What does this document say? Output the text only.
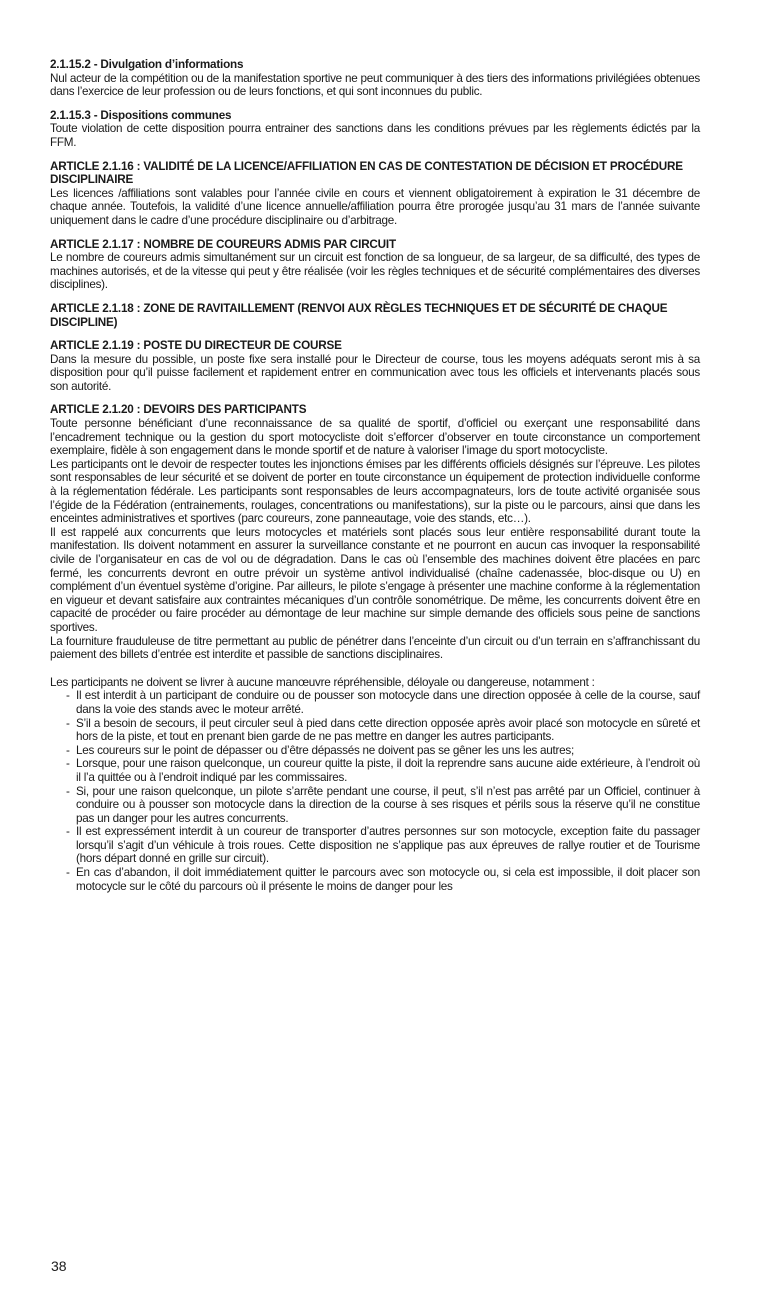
2.1.15.2 - Divulgation d’informations

Nul acteur de la compétition ou de la manifestation sportive ne peut communiquer à des tiers des informations privilégiées obtenues dans l’exercice de leur profession ou de leurs fonctions, et qui sont inconnues du public.

2.1.15.3 - Dispositions communes

Toute violation de cette disposition pourra entrainer des sanctions dans les conditions prévues par les règlements édictés par la FFM.

ARTICLE 2.1.16 : VALIDITÉ DE LA LICENCE/AFFILIATION EN CAS DE CONTESTATION DE DÉCISION ET PROCÉDURE DISCIPLINAIRE

Les licences /affiliations sont valables pour l’année civile en cours et viennent obligatoirement à expiration le 31 décembre de chaque année. Toutefois, la validité d’une licence annuelle/affiliation pourra être prorogée jusqu’au 31 mars de l’année suivante uniquement dans le cadre d’une procédure disciplinaire ou d’arbitrage.

ARTICLE 2.1.17 : NOMBRE DE COUREURS ADMIS PAR CIRCUIT

Le nombre de coureurs admis simultanément sur un circuit est fonction de sa longueur, de sa largeur, de sa difficulté, des types de machines autorisés, et de la vitesse qui peut y être réalisée (voir les règles techniques et de sécurité complémentaires des diverses disciplines).

ARTICLE 2.1.18 : ZONE DE RAVITAILLEMENT (RENVOI AUX RÈGLES TECHNIQUES ET DE SÉCURITÉ DE CHAQUE DISCIPLINE)

ARTICLE 2.1.19 : POSTE DU DIRECTEUR DE COURSE

Dans la mesure du possible, un poste fixe sera installé pour le Directeur de course, tous les moyens adéquats seront mis à sa disposition pour qu’il puisse facilement et rapidement entrer en communication avec tous les officiels et intervenants placés sous son autorité.

ARTICLE 2.1.20 : DEVOIRS DES PARTICIPANTS

Toute personne bénéficiant d’une reconnaissance de sa qualité de sportif, d’officiel ou exerçant une responsabilité dans l’encadrement technique ou la gestion du sport motocycliste doit s’efforcer d’observer en toute circonstance un comportement exemplaire, fidèle à son engagement dans le monde sportif et de nature à valoriser l’image du sport motocycliste.

Les participants ont le devoir de respecter toutes les injonctions émises par les différents officiels désignés sur l’épreuve. Les pilotes sont responsables de leur sécurité et se doivent de porter en toute circonstance un équipement de protection individuelle conforme à la réglementation fédérale. Les participants sont responsables de leurs accompagnateurs, lors de toute activité organisée sous l’égide de la Fédération (entrainements, roulages, concentrations ou manifestations), sur la piste ou le parcours, ainsi que dans les enceintes administratives et sportives (parc coureurs, zone panneautage, voie des stands, etc…).

Il est rappelé aux concurrents que leurs motocycles et matériels sont placés sous leur entière responsabilité durant toute la manifestation. Ils doivent notamment en assurer la surveillance constante et ne pourront en aucun cas invoquer la responsabilité civile de l’organisateur en cas de vol ou de dégradation. Dans le cas où l’ensemble des machines doivent être placées en parc fermé, les concurrents devront en outre prévoir un système antivol individualisé (chaîne cadenassée, bloc-disque ou U) en complément d’un éventuel système d’origine. Par ailleurs, le pilote s’engage à présenter une machine conforme à la réglementation en vigueur et devant satisfaire aux contraintes mécaniques d’un contrôle sonométrique. De même, les concurrents doivent être en capacité de procéder ou faire procéder au démontage de leur machine sur simple demande des officiels sous peine de sanctions sportives.

La fourniture frauduleuse de titre permettant au public de pénétrer dans l’enceinte d’un circuit ou d’un terrain en s’affranchissant du paiement des billets d’entrée est interdite et passible de sanctions disciplinaires.

Les participants ne doivent se livrer à aucune manœuvre répréhensible, déloyale ou dangereuse, notamment :

- Il est interdit à un participant de conduire ou de pousser son motocycle dans une direction opposée à celle de la course, sauf dans la voie des stands avec le moteur arrêté.
- S’il a besoin de secours, il peut circuler seul à pied dans cette direction opposée après avoir placé son motocycle en sûreté et hors de la piste, et tout en prenant bien garde de ne pas mettre en danger les autres participants.
- Les coureurs sur le point de dépasser ou d’être dépassés ne doivent pas se gêner les uns les autres;
- Lorsque, pour une raison quelconque, un coureur quitte la piste, il doit la reprendre sans aucune aide extérieure, à l’endroit où il l’a quittée ou à l’endroit indiqué par les commissaires.
- Si, pour une raison quelconque, un pilote s’arrête pendant une course, il peut, s’il n’est pas arrêté par un Officiel, continuer à conduire ou à pousser son motocycle dans la direction de la course à ses risques et périls sous la réserve qu’il ne constitue pas un danger pour les autres concurrents.
- Il est expressément interdit à un coureur de transporter d’autres personnes sur son motocycle, exception faite du passager lorsqu’il s’agit d’un véhicule à trois roues. Cette disposition ne s’applique pas aux épreuves de rallye routier et de Tourisme (hors départ donné en grille sur circuit).
- En cas d’abandon, il doit immédiatement quitter le parcours avec son motocycle ou, si cela est impossible, il doit placer son motocycle sur le côté du parcours où il présente le moins de danger pour les
38
